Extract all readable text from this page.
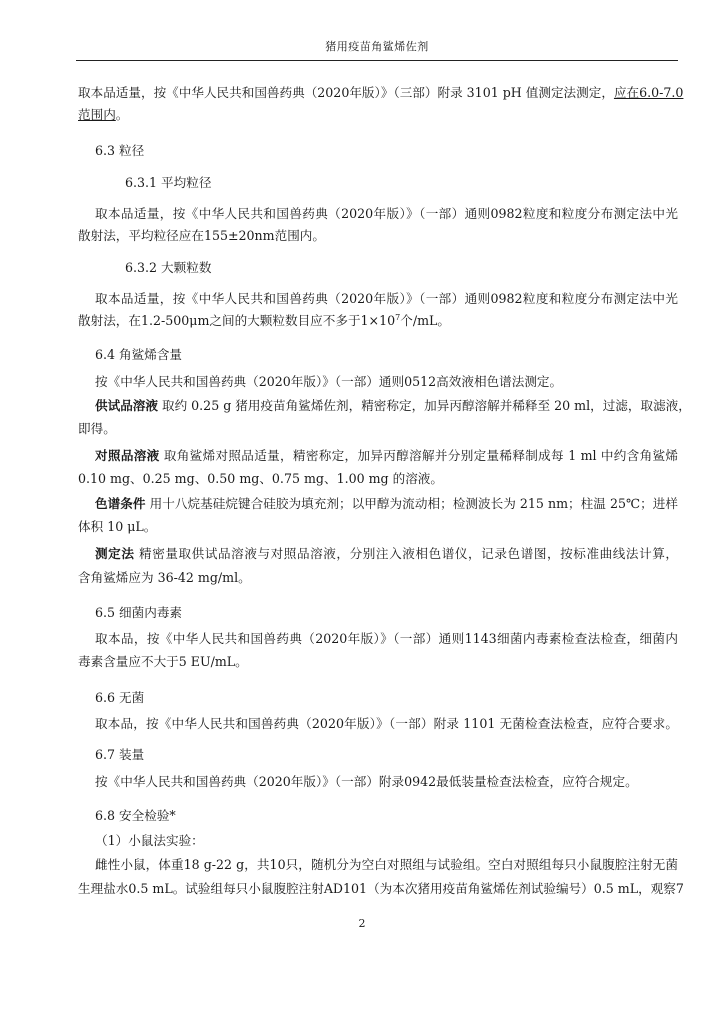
猪用疫苗角鲨烯佐剂
取本品适量，按《中华人民共和国兽药典（2020年版）》（三部）附录 3101 pH 值测定法测定，应在6.0-7.0
范围内。
6.3 粒径
6.3.1 平均粒径
取本品适量，按《中华人民共和国兽药典（2020年版）》（一部）通则0982粒度和粒度分布测定法中光
散射法，平均粒径应在155±20nm范围内。
6.3.2 大颗粒数
取本品适量，按《中华人民共和国兽药典（2020年版）》（一部）通则0982粒度和粒度分布测定法中光
散射法，在1.2-500μm之间的大颗粒数目应不多于$1\times 10^7$个/mL。
6.4 角鲨烯含量
按《中华人民共和国兽药典（2020年版）》（一部）通则0512高效液相色谱法测定。
供试品溶液 取约 0.25 g 猪用疫苗角鲨烯佐剂，精密称定，加异丙醇溶解并稀释至 20 ml，过滤，取滤液，
即得。
对照品溶液 取角鲨烯对照品适量，精密称定，加异丙醇溶解并分别定量稀释制成每 1 ml 中约含角鲨烯
0.10 mg、0.25 mg、0.50 mg、0.75 mg、1.00 mg 的溶液。
色谱条件 用十八烷基硅烷键合硅胶为填充剂；以甲醇为流动相；检测波长为 215 nm；柱温 25℃；进样
体积 10 μL。
测定法 精密量取供试品溶液与对照品溶液，分别注入液相色谱仪，记录色谱图，按标准曲线法计算，
含角鲨烯应为 36-42 mg/ml。
6.5 细菌内毒素
取本品，按《中华人民共和国兽药典（2020年版）》（一部）通则1143细菌内毒素检查法检查，细菌内
毒素含量应不大于5 EU/mL。
6.6 无菌
取本品，按《中华人民共和国兽药典（2020年版）》（一部）附录 1101 无菌检查法检查，应符合要求。
6.7 装量
按《中华人民共和国兽药典（2020年版）》（一部）附录0942最低装量检查法检查，应符合规定。
6.8 安全检验*
（1）小鼠法实验：
雌性小鼠，体重18 g-22 g，共10只，随机分为空白对照组与试验组。空白对照组每只小鼠腹腔注射无菌
生理盐水0.5 mL。试验组每只小鼠腹腔注射AD101（为本次猪用疫苗角鲨烯佐剂试验编号）0.5 mL，观察7
2
